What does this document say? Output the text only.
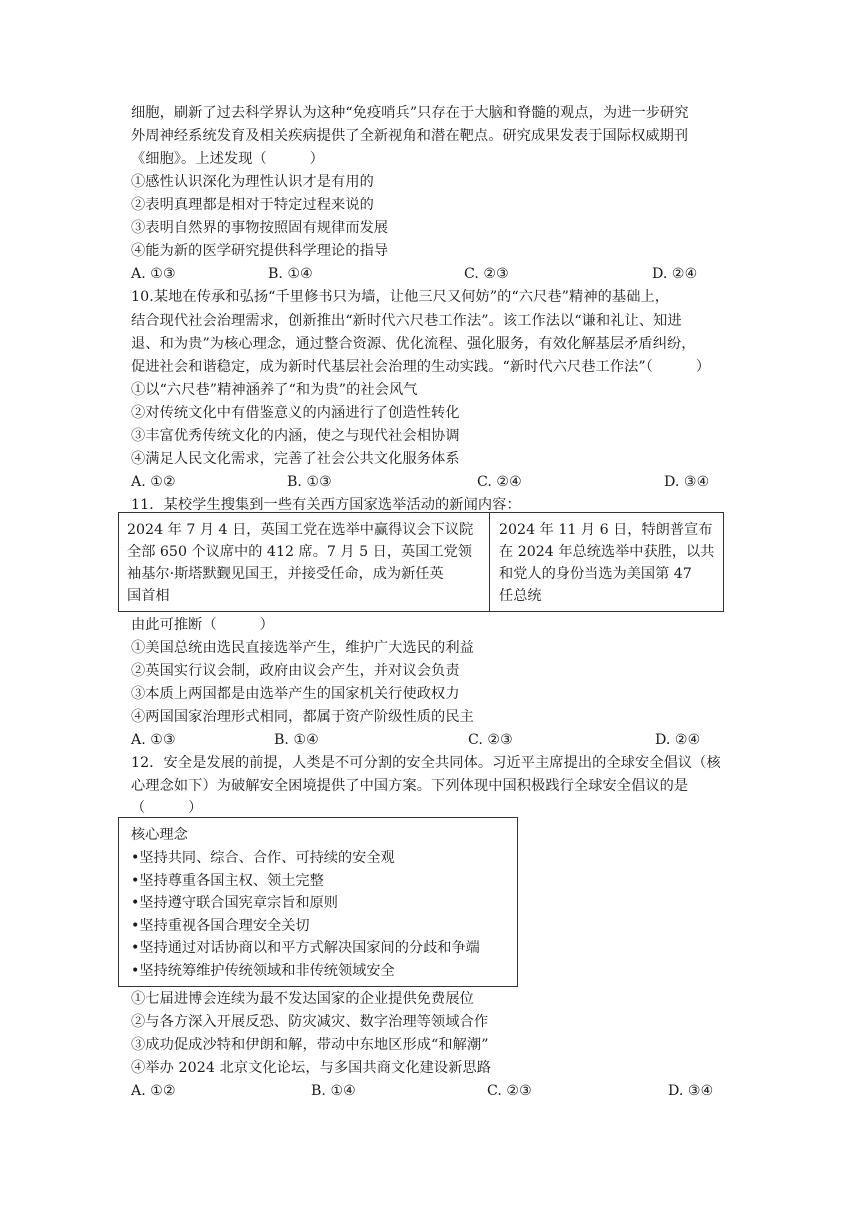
细胞，刷新了过去科学界认为这种“免疫哨兵”只存在于大脑和脊髓的观点，为进一步研究
外周神经系统发育及相关疾病提供了全新视角和潜在靶点。研究成果发表于国际权威期刊
《细胞》。上述发现（　　　）
①感性认识深化为理性认识才是有用的
②表明真理都是相对于特定过程来说的
③表明自然界的事物按照固有规律而发展
④能为新的医学研究提供科学理论的指导
A. ①③	B. ①④	C. ②③	D. ②④
10.某地在传承和弘扬“千里修书只为墙，让他三尺又何妨”的“六尺巷”精神的基础上，
结合现代社会治理需求，创新推出“新时代六尺巷工作法”。该工作法以“谦和礼让、知进
退、和为贵”为核心理念，通过整合资源、优化流程、强化服务，有效化解基层矛盾纠纷，
促进社会和谐稳定，成为新时代基层社会治理的生动实践。“新时代六尺巷工作法”（　　　）
①以“六尺巷”精神涵养了“和为贵”的社会风气
②对传统文化中有借鉴意义的内涵进行了创造性转化
③丰富优秀传统文化的内涵，使之与现代社会相协调
④满足人民文化需求，完善了社会公共文化服务体系
A. ①②	B. ①③	C. ②④	D. ③④
11．某校学生搜集到一些有关西方国家选举活动的新闻内容：
2024 年 7 月 4 日，英国工党在选举中赢得议会下议院
全部 650 个议席中的 412 席。7 月 5 日，英国工党领
袖基尔·斯塔默觐见国王，并接受任命，成为新任英
国首相
2024 年 11 月 6 日，特朗普宣布
在 2024 年总统选举中获胜，以共
和党人的身份当选为美国第 47
任总统
由此可推断（　　　）
①美国总统由选民直接选举产生，维护广大选民的利益
②英国实行议会制，政府由议会产生，并对议会负责
③本质上两国都是由选举产生的国家机关行使政权力
④两国国家治理形式相同，都属于资产阶级性质的民主
A. ①③	B. ①④	C. ②③	D. ②④
12．安全是发展的前提，人类是不可分割的安全共同体。习近平主席提出的全球安全倡议（核
心理念如下）为破解安全困境提供了中国方案。下列体现中国积极践行全球安全倡议的是
（　　　）
核心理念
•坚持共同、综合、合作、可持续的安全观
•坚持尊重各国主权、领土完整
•坚持遵守联合国宪章宗旨和原则
•坚持重视各国合理安全关切
•坚持通过对话协商以和平方式解决国家间的分歧和争端
•坚持统筹维护传统领域和非传统领域安全
①七届进博会连续为最不发达国家的企业提供免费展位
②与各方深入开展反恐、防灾减灾、数字治理等领域合作
③成功促成沙特和伊朗和解，带动中东地区形成“和解潮”
④举办 2024 北京文化论坛，与多国共商文化建设新思路
A. ①②	B. ①④	C. ②③	D. ③④
